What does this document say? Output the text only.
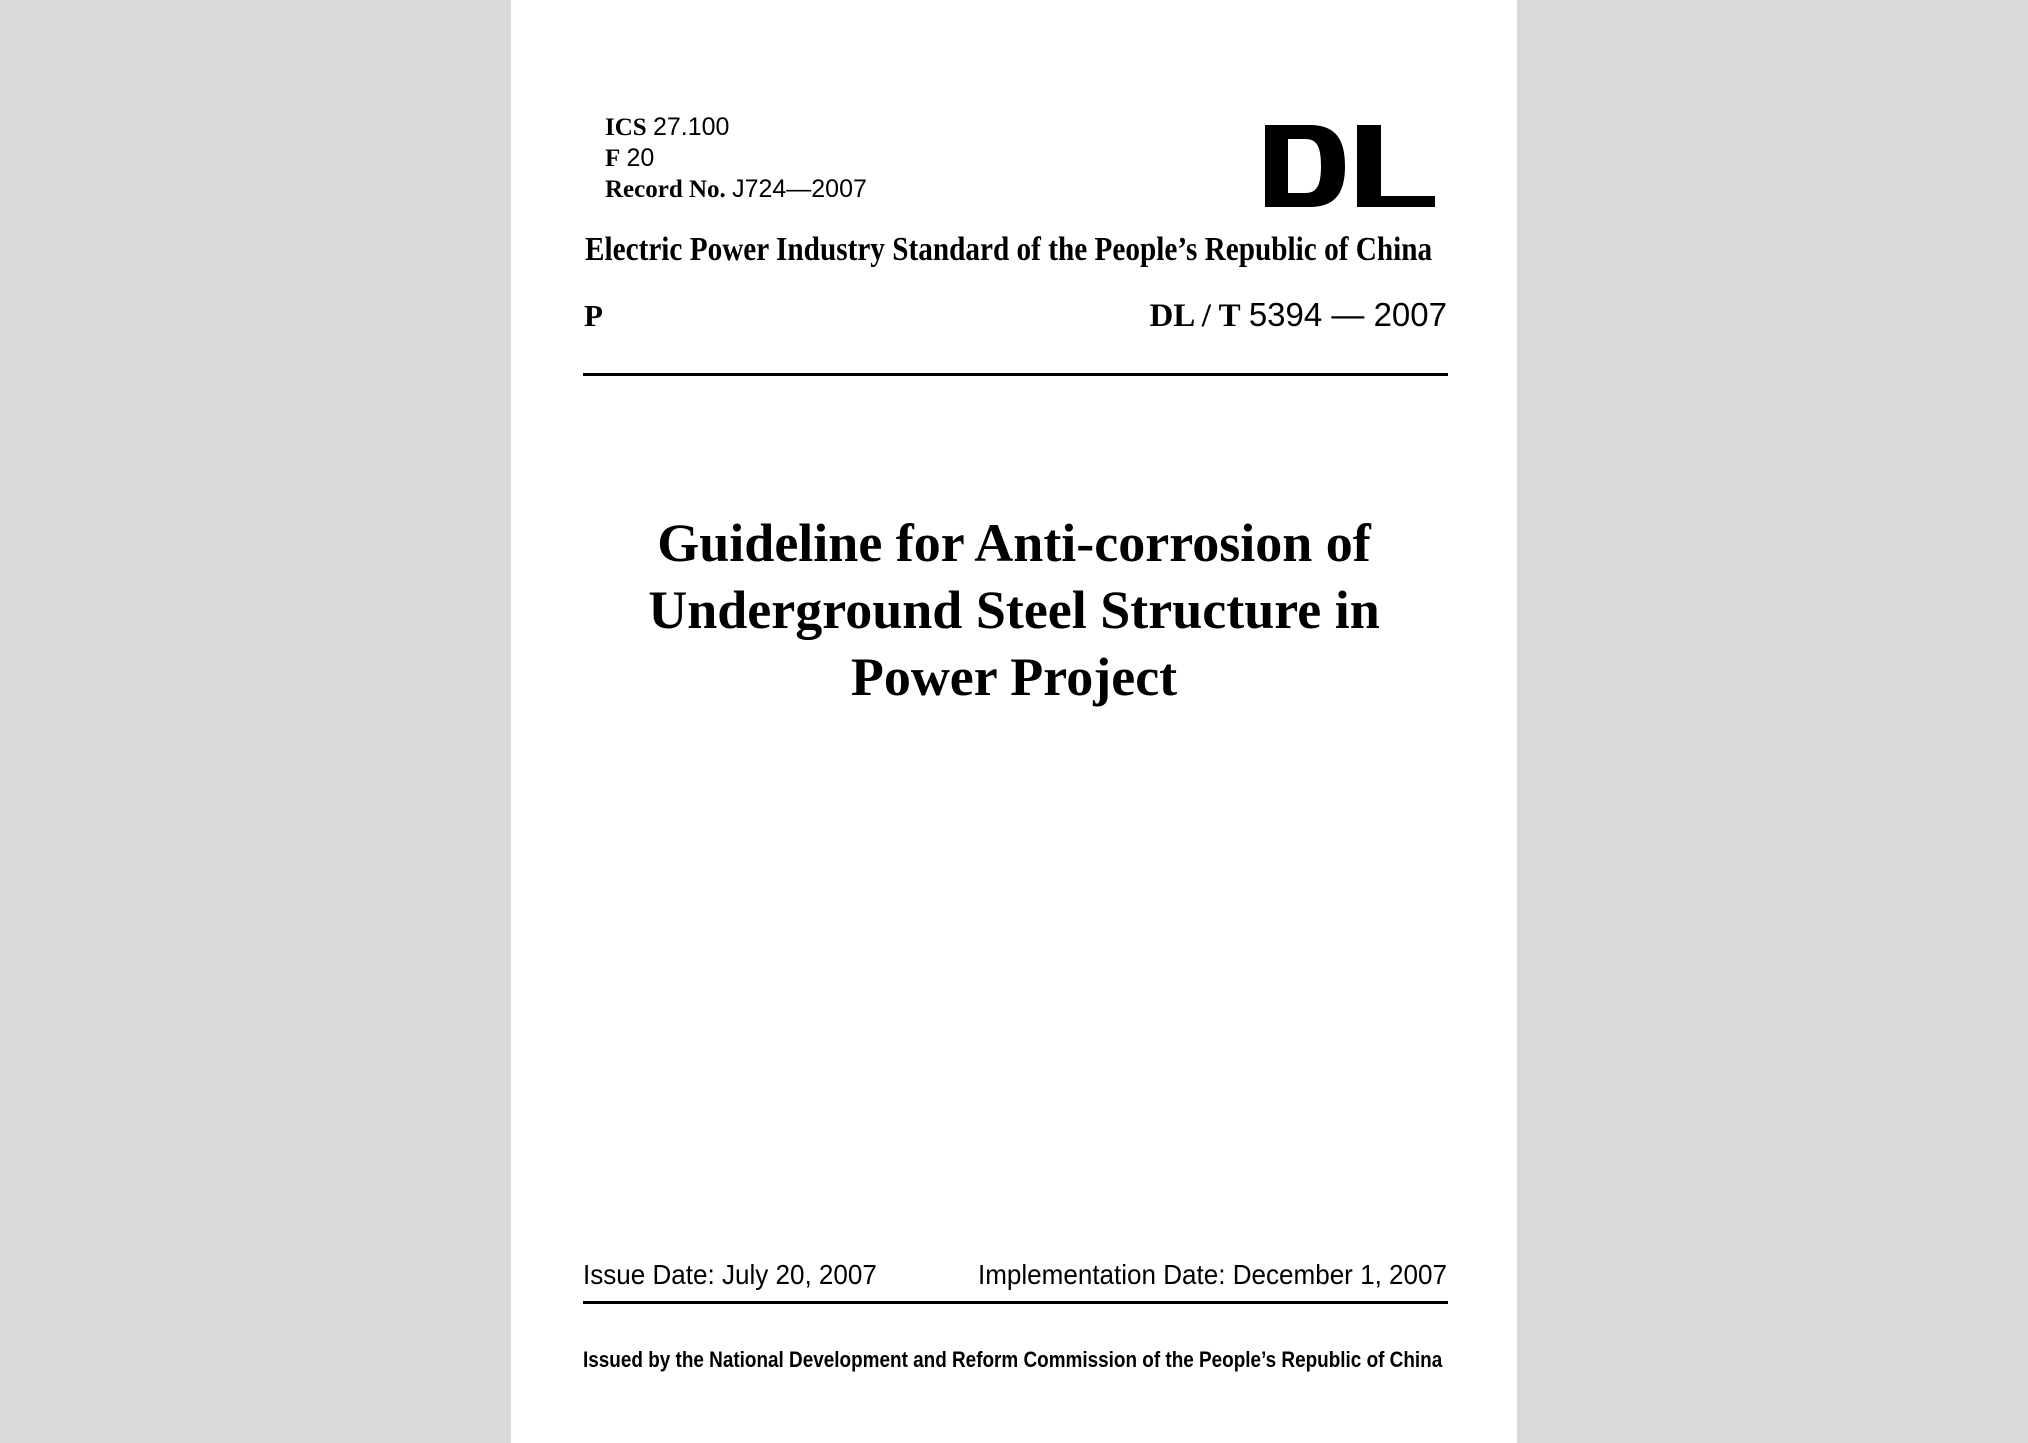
ICS 27.100
F 20
Record No. J724—2007
Electric Power Industry Standard of the People’s Republic of China
P	DL / T 5394 — 2007
Guideline for Anti-corrosion of
Underground Steel Structure in
Power Project
Issue Date: July 20, 2007	Implementation Date: December 1, 2007
Issued by the National Development and Reform Commission of the People’s Republic of China
